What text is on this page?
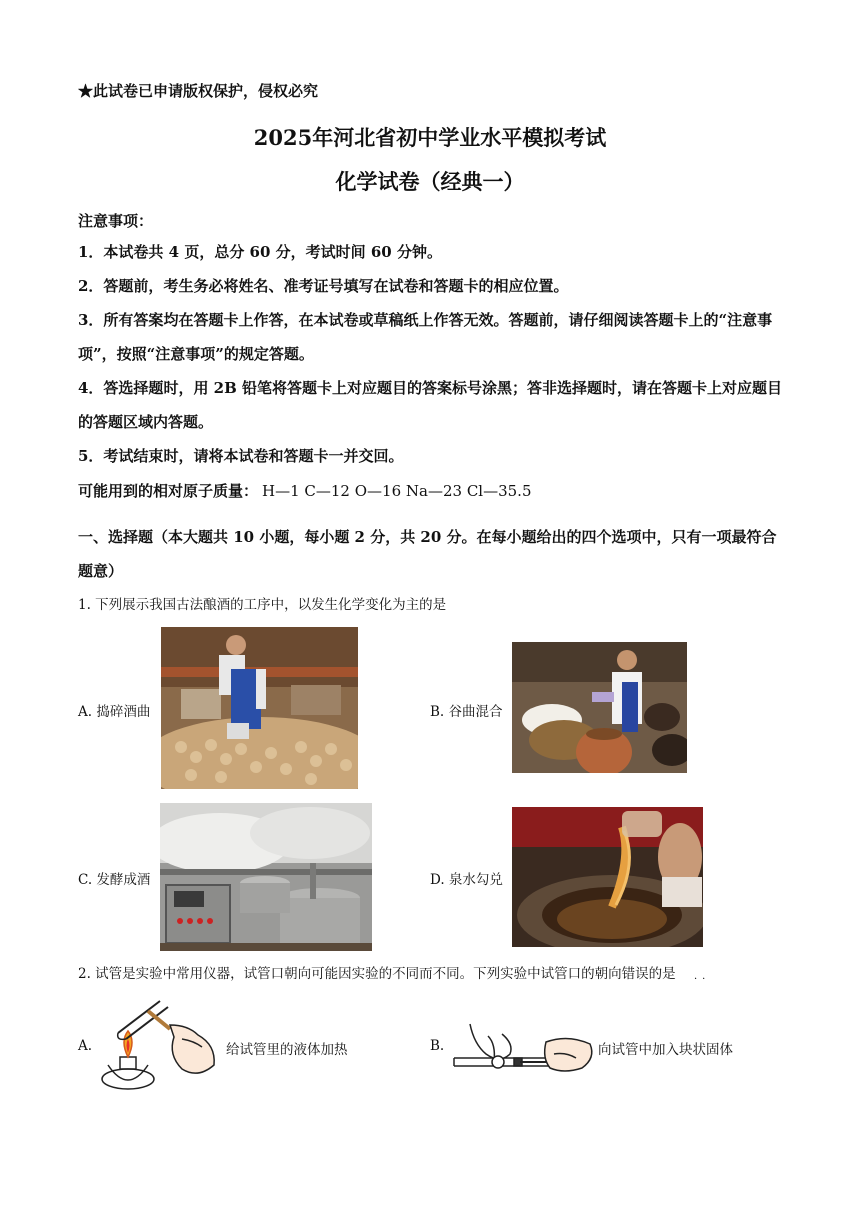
★此试卷已申请版权保护，侵权必究
2025年河北省初中学业水平模拟考试
化学试卷（经典一）
注意事项：
1．本试卷共 4 页，总分 60 分，考试时间 60 分钟。
2．答题前，考生务必将姓名、准考证号填写在试卷和答题卡的相应位置。
3．所有答案均在答题卡上作答，在本试卷或草稿纸上作答无效。答题前，请仔细阅读答题卡上的“注意事项”，按照“注意事项”的规定答题。
4．答选择题时，用 2B 铅笔将答题卡上对应题目的答案标号涂黑；答非选择题时，请在答题卡上对应题目的答题区域内答题。
5．考试结束时，请将本试卷和答题卡一并交回。
可能用到的相对原子质量： H—1 C—12 O—16 Na—23 Cl—35.5
一、选择题（本大题共 10 小题，每小题 2 分，共 20 分。在每小题给出的四个选项中，只有一项最符合题意）
1. 下列展示我国古法酿酒的工序中，以发生化学变化为主的是
A. 捣碎酒曲	B. 谷曲混合
C. 发酵成酒	D. 泉水勾兑
2. 试管是实验中常用仪器，试管口朝向可能因实验的不同而不同。下列实验中试管口的朝向错误的是	··
A.	给试管里的液体加热	B.	向试管中加入块状固体
